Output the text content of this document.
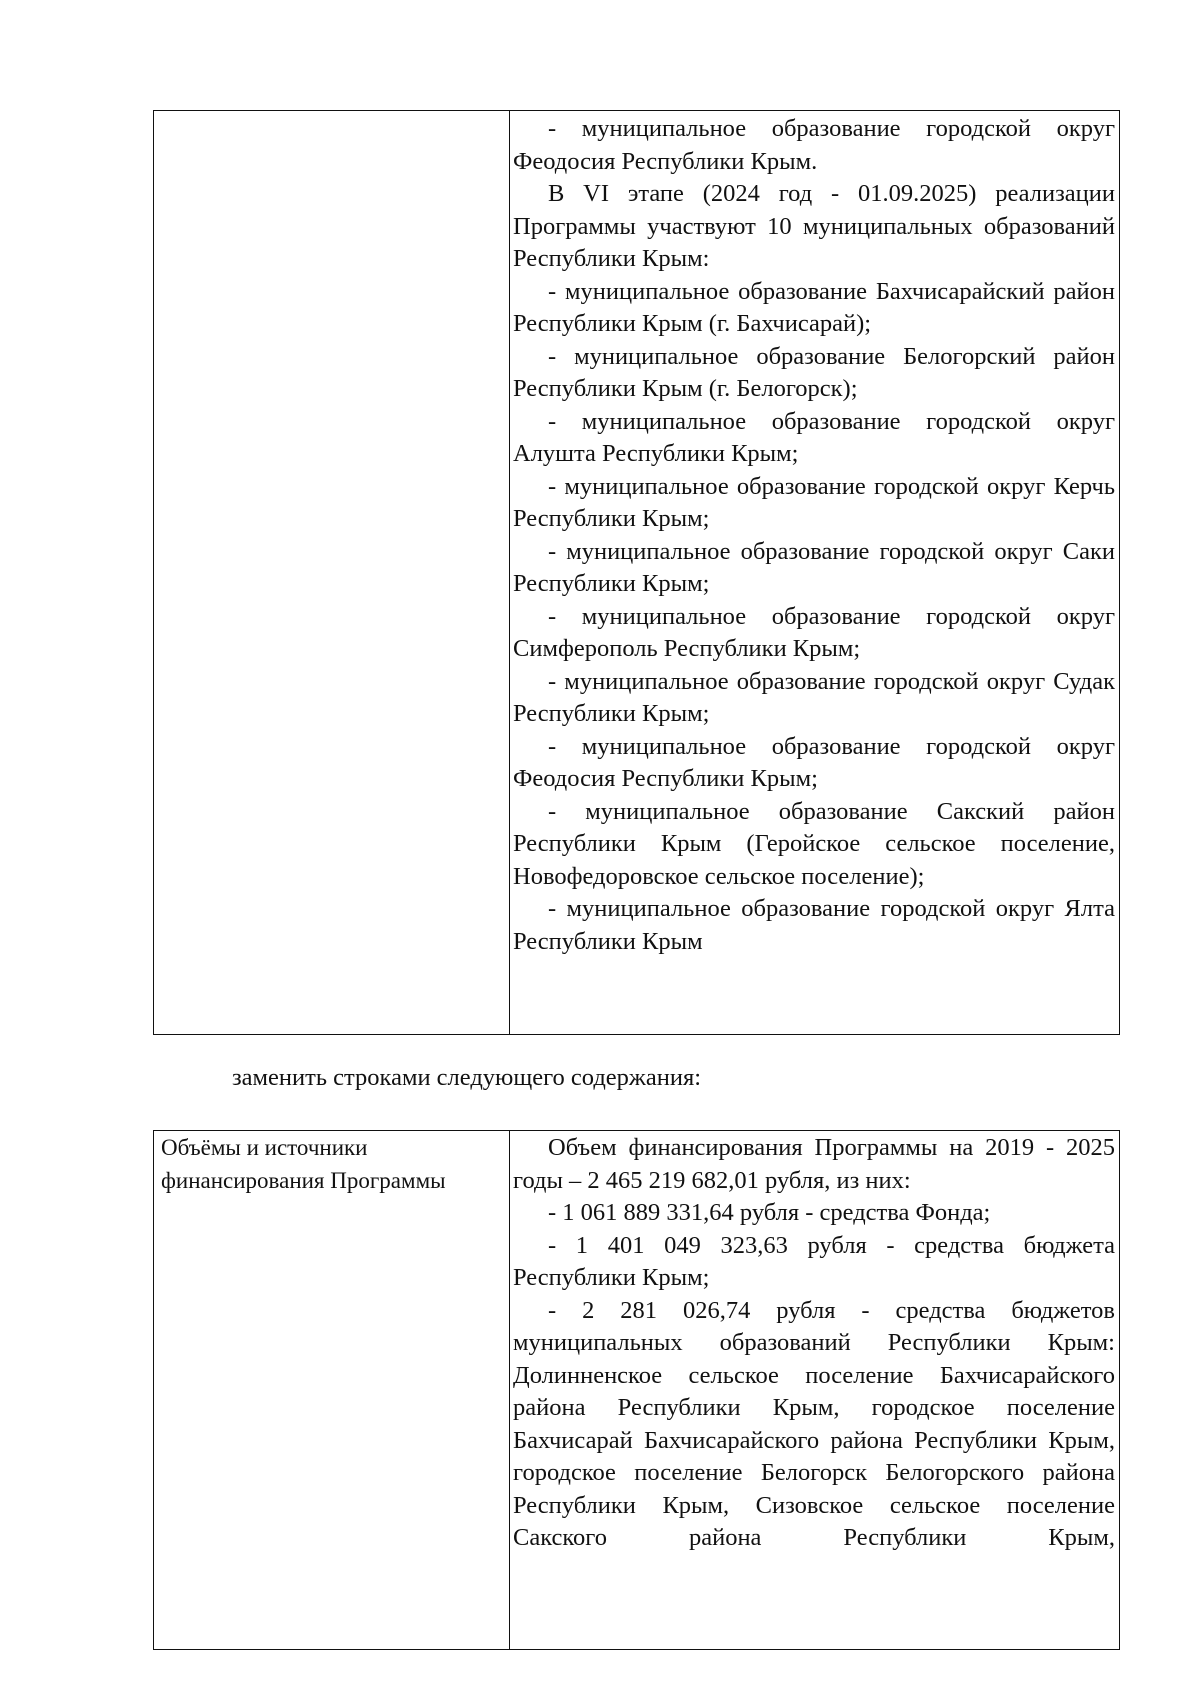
- муниципальное образование городской округ Феодосия Республики Крым.

В VI этапе (2024 год - 01.09.2025) реализации Программы участвуют 10 муниципальных образований Республики Крым:

- муниципальное образование Бахчисарайский район Республики Крым (г. Бахчисарай);

- муниципальное образование Белогорский район Республики Крым (г. Белогорск);

- муниципальное образование городской округ Алушта Республики Крым;

- муниципальное образование городской округ Керчь Республики Крым;

- муниципальное образование городской округ Саки Республики Крым;

- муниципальное образование городской округ Симферополь Республики Крым;

- муниципальное образование городской округ Судак Республики Крым;

- муниципальное образование городской округ Феодосия Республики Крым;

- муниципальное образование Сакский район Республики Крым (Геройское сельское поселение, Новофедоровское сельское поселение);

- муниципальное образование городской округ Ялта Республики Крым

заменить строками следующего содержания:
Объёмы и источники финансирования Программы

Объем финансирования Программы на 2019 - 2025 годы – 2 465 219 682,01 рубля, из них:

- 1 061 889 331,64 рубля - средства Фонда;

- 1 401 049 323,63 рубля - средства бюджета Республики Крым;

- 2 281 026,74 рубля - средства бюджетов муниципальных образований Республики Крым: Долинненское сельское поселение Бахчисарайского района Республики Крым, городское поселение Бахчисарай Бахчисарайского района Республики Крым, городское поселение Белогорск Белогорского района Республики Крым, Сизовское сельское поселение Сакского района Республики Крым,
